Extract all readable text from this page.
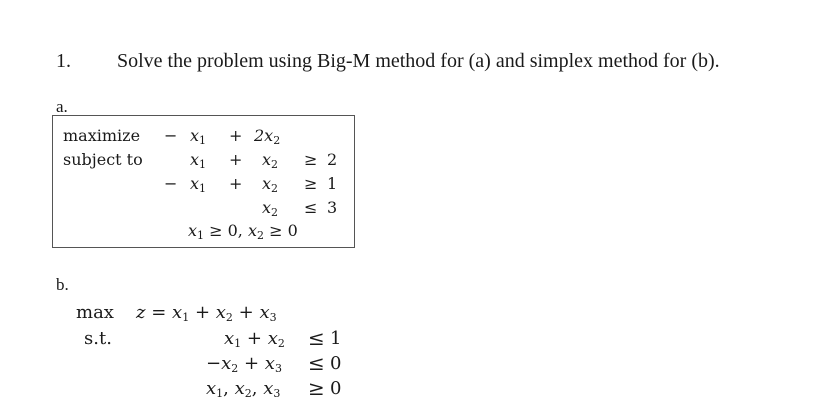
1. Solve the problem using Big-M method for (a) and simplex method for (b).
a.
maximize
subject to
− $x_1 + 2x_2$
$x_1 + x_2 \ge 2$
− $x_1 + x_2 \ge 1$
$x_2 \le 3$
$x_1 \ge 0$, $x_2 \ge 0$
b.
max
s.t.
$z = x_1 + x_2 + x_3$
$x_1 + x_2 \le 1$
$-x_2 + x_3 \le 0$
$x_1$, $x_2$, $x_3 \ge 0$
